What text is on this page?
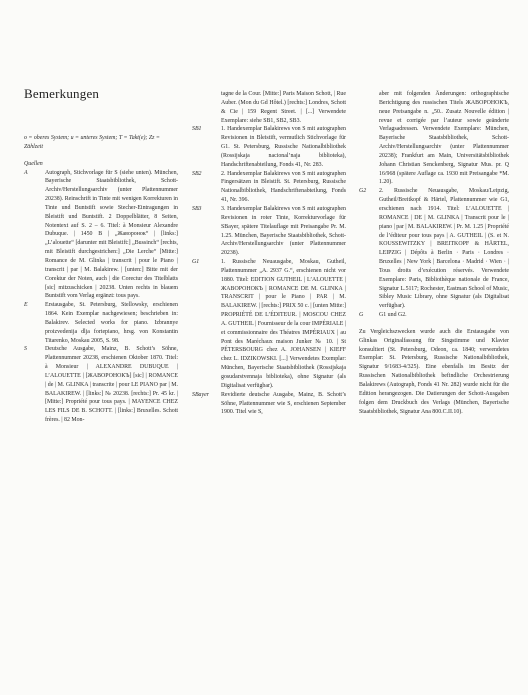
Bemerkungen

o = oberes System; u = unteres System; T = Takt(e); Zz = Zählzeit

Quellen

A	Autograph, Stichvorlage für S (siehe unten). München, Bayerische Staatsbibliothek, Schott-Archiv/Herstellungsarchiv (unter Plattennummer 20238). Reinschrift in Tinte mit wenigen Korrekturen in Tinte und Buntstift sowie Stecher-Eintragungen in Bleistift und Buntstift. 2 Doppelblätter, 8 Seiten, Notentext auf S. 2 – 6. Titel: à Monsieur Alexandre Dubuque. | 1450 B | „Жаворонок“ | [links:] „L’alouette“ [darunter mit Bleistift:] „Bussinch“ [rechts, mit Bleistift durchgestrichen:] „Die Lerche“ [Mitte:] Romance de M. Glinka | transcrit | pour le Piano | transcrit | par | M. Balakirew. | [unten:] Bitte mit der Corektur der Noten, auch | die Corectur des Titelblatts [sic] mitzuschicken | 20238. Unten rechts in blauem Buntstift vom Verlag ergänzt: tous pays.

E	Erstausgabe, St. Petersburg, Stellowsky, erschienen 1864. Kein Exemplar nachgewiesen; beschrieben in: Balakirev. Selected works for piano. Izbrannye proizvedenija dlja fortepiano, hrsg. von Konstantin Titarenko, Moskau 2005, S. 98.

S	Deutsche Ausgabe, Mainz, B. Schott’s Söhne, Plattennummer 20238, erschienen Oktober 1870. Titel: à Monsieur | ALEXANDRE DUBUQUE | L’ALOUETTE | [ЖАВОРОНОКЪ] [sic] | ROMANCE | de | M. GLINKA | transcrite | pour LE PIANO par | M. BALAKIREW. | [links:] № 20238. [rechts:] Pr. 45 kr. | [Mitte:] Propriété pour tous pays. | MAYENCE CHEZ LES FILS DE B. SCHOTT. | [links:] Bruxelles. Schott frères. | 82 Mon-

tagne de la Cour. [Mitte:] Paris Maison Schott, | Rue Auber. (Mon du Gd Hôtel.) [rechts:] Londres, Schott & Cie | 159 Regent Street. | [...] Verwendete Exemplare: siehe SB1, SB2, SB3.

SB1	1. Handexemplar Balakirews von S mit autographen Revisionen in Bleistift, vermutlich Stichvorlage für G1. St. Petersburg, Russische Nationalbibliothek (Rossijskaja nacional’naja biblioteka), Handschriftenabteilung, Fonds 41, Nr. 283.

SB2	2. Handexemplar Balakirews von S mit autographen Fingersätzen in Bleistift. St. Petersburg, Russische Nationalbibliothek, Handschriftenabteilung, Fonds 41, Nr. 396.

SB3	3. Handexemplar Balakirews von S mit autographen Revisionen in roter Tinte, Korrekturvorlage für SBayer, spätere Titelauflage mit Preisangabe Pr. M. 1.25. München, Bayerische Staatsbibliothek, Schott-Archiv/Herstellungsarchiv (unter Plattennummer 20238).

G1	1. Russische Neuausgabe, Moskau, Gutheil, Plattennummer „A. 2937 G.“, erschienen nicht vor 1880. Titel: EDITION GUTHEIL | L’ALOUETTE | ЖАВОРОНОКЪ | ROMANCE DE M. GLINKA | TRANSCRIT | pour le Piano | PAR | M. BALAKIREW. | [rechts:] PRIX 50 c. | [unten Mitte:] PROPRIÉTÉ DE L’ÉDITEUR. | MOSCOU CHEZ A. GUTHEIL | Fournisseur de la cour IMPÉRIALE | et commissionnaire des Théatres IMPÉRIAUX | au Pont des Maréchaux maison Junker № 10. | St PÉTERSBOURG chez A. JOHANSEN | KIEFF chez L. IDZIKOWSKI. [...] Verwendetes Exemplar: München, Bayerische Staatsbibliothek (Rossijskaja gosudarstvennaja biblioteka), ohne Signatur (als Digitalisat verfügbar).

SBayer Revidierte deutsche Ausgabe, Mainz, B. Schott’s Söhne, Plattennummer wie S, erschienen September 1900. Titel wie S,

aber mit folgenden Änderungen: orthographische Berichtigung des russischen Titels ЖАВОРОНОКЪ, neue Preisangabe n. „50.. Zusatz Nouvelle édition | revue et corrigée par l’auteur sowie geänderte Verlagsadressen. Verwendete Exemplare: München, Bayerische Staatsbibliothek, Schott-Archiv/Herstellungsarchiv (unter Plattennummer 20238); Frankfurt am Main, Universitätsbibliothek Johann Christian Senckenberg, Signatur Mus. pr. Q 16/968 (spätere Auflage ca. 1930 mit Preisangabe *M. 1.20).

G2 2. Russische Neuausgabe, Moskau/Leipzig, Gutheil/Breitkopf & Härtel, Plattennummer wie G1, erschienen nach 1914. Titel: L’ALOUETTE | ROMANCE | DE | M. GLINKA | Transcrit pour le | piano | par | M. BALAKIREW. | Pr. M. 1.25 | Propriété de l’éditeur pour tous pays | A. GUTHEIL | (S. et N. KOUSSEWITZKY | BREITKOPF & HÄRTEL, LEIPZIG | Dépôts à Berlin · Paris · Londres · Bruxelles | New York | Barcelona · Madrid · Wien · | Tous droits d’exécution réservés. Verwendete Exemplare: Paris, Bibliothèque nationale de France, Signatur L.5117; Rochester, Eastman School of Music, Sibley Music Library, ohne Signatur (als Digitalisat verfügbar).

G	G1 und G2.

Zu Vergleichszwecken wurde auch die Erstausgabe von Glinkas Originalfassung für Singstimme und Klavier konsultiert (St. Petersburg, Odeon, ca. 1840; verwendetes Exemplar: St. Petersburg, Russische Nationalbibliothek, Signatur 9/1683-4/325). Eine ebenfalls im Besitz der Russischen Nationalbibliothek befindliche Orchestrierung Balakirews (Autograph, Fonds 41 Nr. 282) wurde nicht für die Edition herangezogen. Die Datierungen der Schott-Ausgaben folgen dem Druckbuch des Verlags (München, Bayerische Staatsbibliothek, Signatur Ana 800.C.II.10).
